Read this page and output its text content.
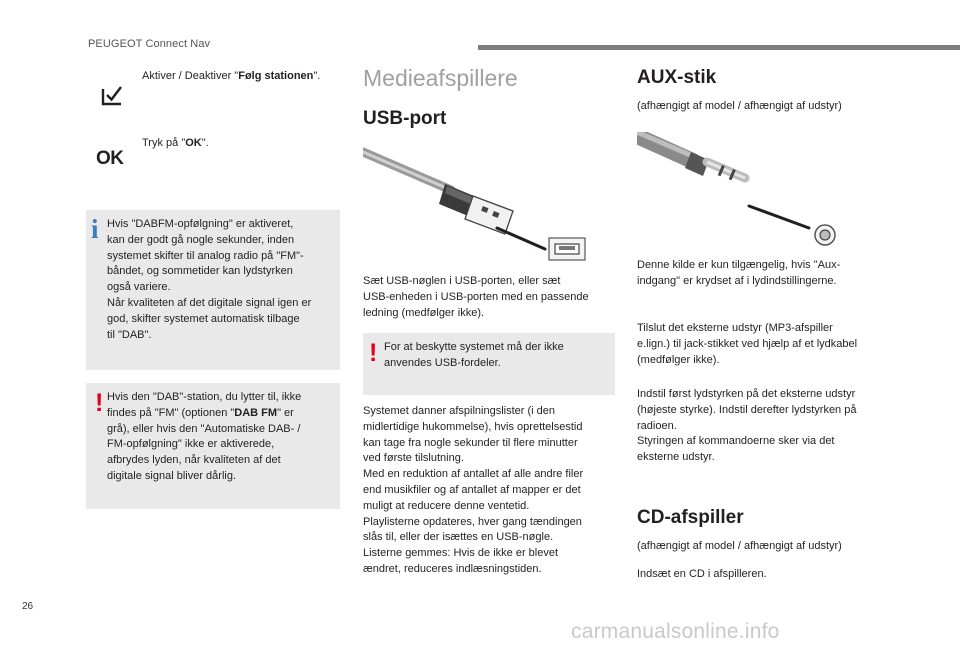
PEUGEOT Connect Nav
Aktiver / Deaktiver "Følg stationen".
OK
Tryk på "OK".
i Hvis "DABFM-opfølgning" er aktiveret,
kan der godt gå nogle sekunder, inden
systemet skifter til analog radio på "FM"-
båndet, og sommetider kan lydstyrken
også variere.
Når kvaliteten af det digitale signal igen er
god, skifter systemet automatisk tilbage
til "DAB".
! Hvis den "DAB"-station, du lytter til, ikke
findes på "FM" (optionen "DAB FM" er
grå), eller hvis den "Automatiske DAB- /
FM-opfølgning" ikke er aktiverede,
afbrydes lyden, når kvaliteten af det
digitale signal bliver dårlig.
Medieafspillere
USB-port
Sæt USB-nøglen i USB-porten, eller sæt
USB-enheden i USB-porten med en passende
ledning (medfølger ikke).
! For at beskytte systemet må der ikke
anvendes USB-fordeler.
Systemet danner afspilningslister (i den
midlertidige hukommelse), hvis oprettelsestid
kan tage fra nogle sekunder til flere minutter
ved første tilslutning.
Med en reduktion af antallet af alle andre filer
end musikfiler og af antallet af mapper er det
muligt at reducere denne ventetid.
Playlisterne opdateres, hver gang tændingen
slås til, eller der isættes en USB-nøgle.
Listerne gemmes: Hvis de ikke er blevet
ændret, reduceres indlæsningstiden.
AUX-stik
(afhængigt af model / afhængigt af udstyr)
Denne kilde er kun tilgængelig, hvis "Aux-
indgang" er krydset af i lydindstillingerne.
Tilslut det eksterne udstyr (MP3-afspiller
e.lign.) til jack-stikket ved hjælp af et lydkabel
(medfølger ikke).
Indstil først lydstyrken på det eksterne udstyr
(højeste styrke). Indstil derefter lydstyrken på
radioen.
Styringen af kommandoerne sker via det
eksterne udstyr.
CD-afspiller
(afhængigt af model / afhængigt af udstyr)
Indsæt en CD i afspilleren.
26
carmanualsonline.info
